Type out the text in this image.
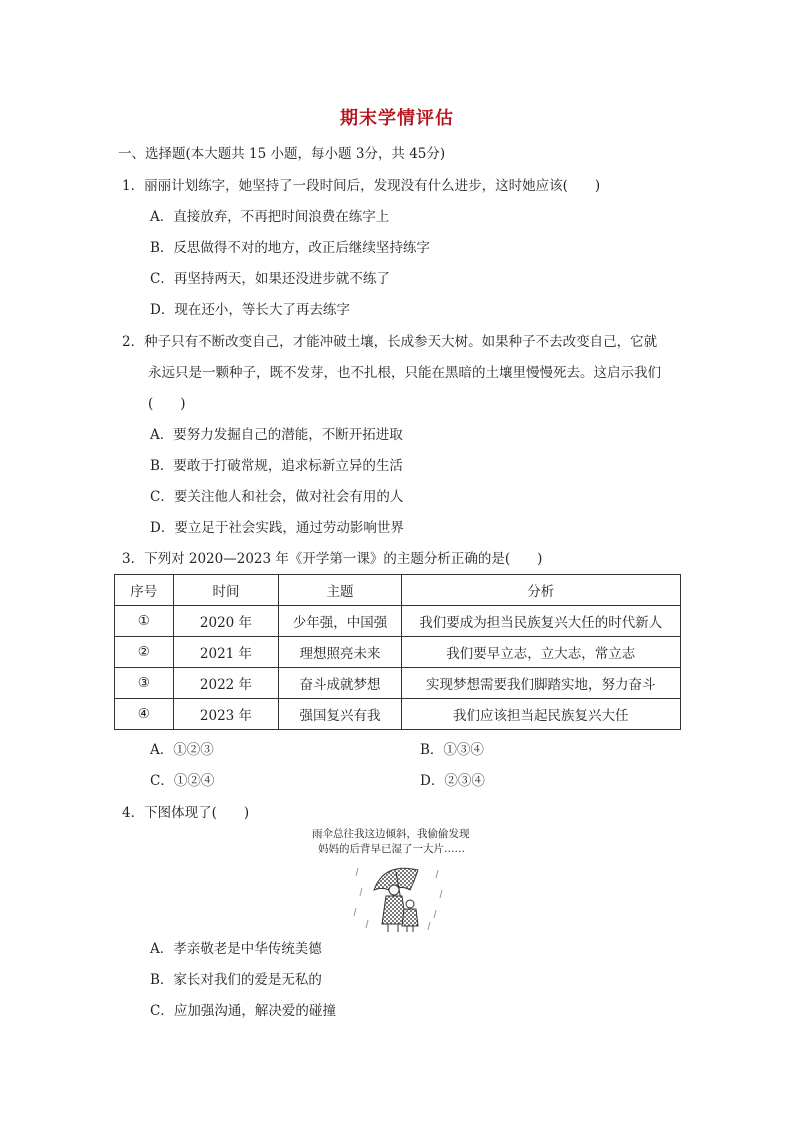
期末学情评估
一、选择题(本大题共 15 小题，每小题 3分，共 45分)
1．丽丽计划练字，她坚持了一段时间后，发现没有什么进步，这时她应该(　　)
A．直接放弃，不再把时间浪费在练字上
B．反思做得不对的地方，改正后继续坚持练字
C．再坚持两天，如果还没进步就不练了
D．现在还小，等长大了再去练字
2．种子只有不断改变自己，才能冲破土壤，长成参天大树。如果种子不去改变自己，它就
永远只是一颗种子，既不发芽，也不扎根，只能在黑暗的土壤里慢慢死去。这启示我们
(　　)
A．要努力发掘自己的潜能，不断开拓进取
B．要敢于打破常规，追求标新立异的生活
C．要关注他人和社会，做对社会有用的人
D．要立足于社会实践，通过劳动影响世界
3．下列对 2020—2023 年《开学第一课》的主题分析正确的是(　　)
序号	时间	主题	分析
①	2020 年	少年强，中国强	我们要成为担当民族复兴大任的时代新人
②	2021 年	理想照亮未来	我们要早立志，立大志，常立志
③	2022 年	奋斗成就梦想	实现梦想需要我们脚踏实地，努力奋斗
④	2023 年	强国复兴有我	我们应该担当起民族复兴大任
A．①②③	B．①③④
C．①②④	D．②③④
4．下图体现了(　　)
雨伞总往我这边倾斜，我偷偷发现
妈妈的后背早已湿了一大片……
A．孝亲敬老是中华传统美德
B．家长对我们的爱是无私的
C．应加强沟通，解决爱的碰撞
